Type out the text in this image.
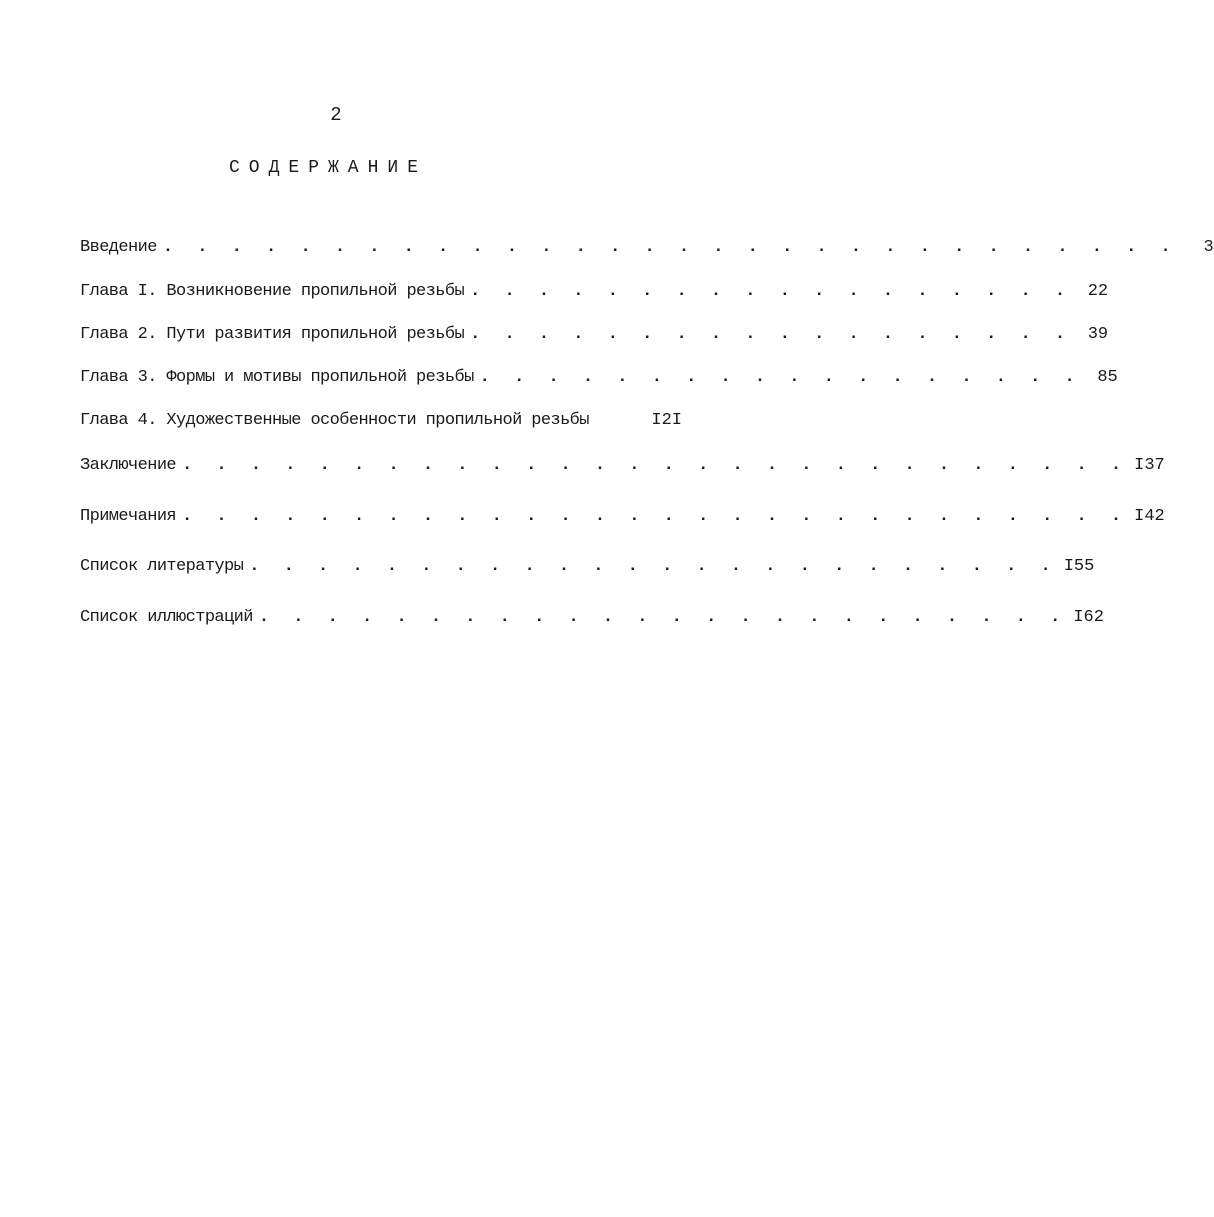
2
СОДЕРЖАНИЕ
Введение . . . . . . . . . . . . . . . . . . . . . . . . . . . . . .	3
Глава I. Возникновение пропильной резьбы . . . . . . . . . . . . . . . . . . 22
Глава 2. Пути развития пропильной резьбы . . . . . . . . . . . . . . . . . . 39
Глава 3. Формы и мотивы пропильной резьбы . . . . . . . . . . . . . . . . . . 85
Глава 4. Художественные особенности пропильной резьбы	I2I
Заключение . . . . . . . . . . . . . . . . . . . . . . . . . . . . I37
Примечания . . . . . . . . . . . . . . . . . . . . . . . . . . . . I42
Список литературы . . . . . . . . . . . . . . . . . . . . . . . . I55
Список иллюстраций . . . . . . . . . . . . . . . . . . . . . . . . I62
